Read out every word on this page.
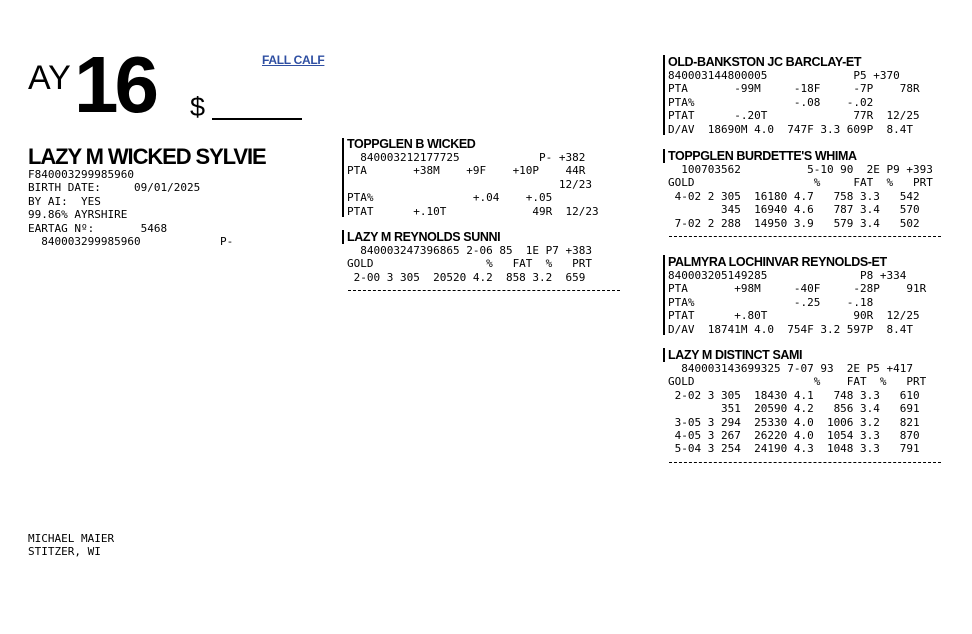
AY 16 $
FALL CALF
LAZY M WICKED SYLVIE
F840003299985960
BIRTH DATE:     09/01/2025
BY AI:  YES
99.86% AYRSHIRE
EARTAG Nº:       5468
840003299985960            P-
TOPPGLEN B WICKED
840003212177725            P- +382
PTA       +38M    +9F    +10P    44R
12/23
PTA%               +.04    +.05
PTAT      +.10T             49R  12/23
LAZY M REYNOLDS SUNNI
840003247396865 2-06 85  1E P7 +383
GOLD                 %   FAT  %   PRT
2-00 3 305  20520 4.2  858 3.2  659
OLD-BANKSTON JC BARCLAY-ET
840003144800005             P5 +370
PTA       -99M     -18F     -7P    78R
PTA%               -.08    -.02
PTAT      -.20T             77R  12/25
D/AV  18690M 4.0  747F 3.3 609P  8.4T
TOPPGLEN BURDETTE'S WHIMA
100703562          5-10 90  2E P9 +393
GOLD                  %     FAT  %   PRT
4-02 2 305  16180 4.7   758 3.3   542
345  16940 4.6   787 3.4   570
7-02 2 288  14950 3.9   579 3.4   502
PALMYRA LOCHINVAR REYNOLDS-ET
840003205149285              P8 +334
PTA       +98M     -40F     -28P    91R
PTA%               -.25    -.18
PTAT      +.80T             90R  12/25
D/AV  18741M 4.0  754F 3.2 597P  8.4T
LAZY M DISTINCT SAMI
840003143699325 7-07 93  2E P5 +417
GOLD                  %    FAT  %   PRT
2-02 3 305  18430 4.1   748 3.3   610
351  20590 4.2   856 3.4   691
3-05 3 294  25330 4.0  1006 3.2   821
4-05 3 267  26220 4.0  1054 3.3   870
5-04 3 254  24190 4.3  1048 3.3   791
MICHAEL MAIER
STITZER, WI
